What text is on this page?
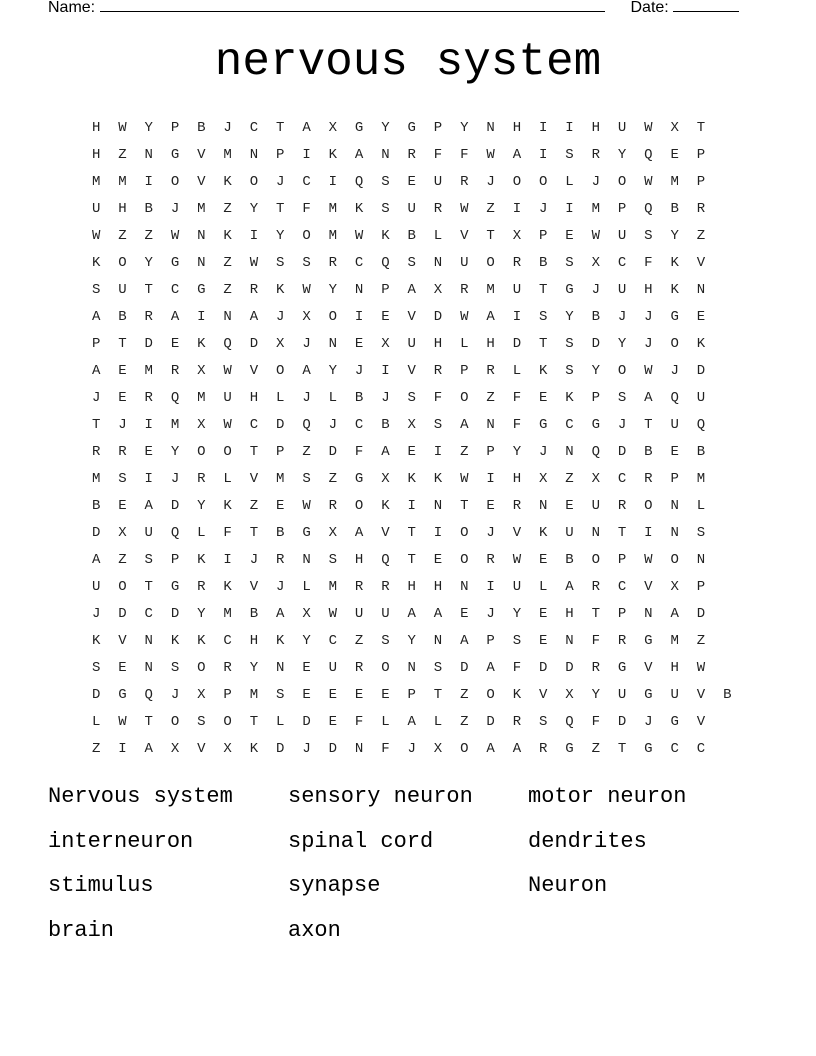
Name:	Date:
nervous system
H	W	Y	P	B	J	C	T	A	X	G	Y	G	P	Y	N	H	I	I	H	U	W	X	T
H	Z	N	G	V	M	N	P	I	K	A	N	R	F	F	W	A	I	S	R	Y	Q	E	P
M	M	I	O	V	K	O	J	C	I	Q	S	E	U	R	J	O	O	L	J	O	W	M	P
U	H	B	J	M	Z	Y	T	F	M	K	S	U	R	W	Z	I	J	I	M	P	Q	B	R
W	Z	Z	W	N	K	I	Y	O	M	W	K	B	L	V	T	X	P	E	W	U	S	Y	Z
K	O	Y	G	N	Z	W	S	S	R	C	Q	S	N	U	O	R	B	S	X	C	F	K	V
S	U	T	C	G	Z	R	K	W	Y	N	P	A	X	R	M	U	T	G	J	U	H	K	N
A	B	R	A	I	N	A	J	X	O	I	E	V	D	W	A	I	S	Y	B	J	J	G	E
P	T	D	E	K	Q	D	X	J	N	E	X	U	H	L	H	D	T	S	D	Y	J	O	K
A	E	M	R	X	W	V	O	A	Y	J	I	V	R	P	R	L	K	S	Y	O	W	J	D
J	E	R	Q	M	U	H	L	J	L	B	J	S	F	O	Z	F	E	K	P	S	A	Q	U
T	J	I	M	X	W	C	D	Q	J	C	B	X	S	A	N	F	G	C	G	J	T	U	Q
R	R	E	Y	O	O	T	P	Z	D	F	A	E	I	Z	P	Y	J	N	Q	D	B	E	B
M	S	I	J	R	L	V	M	S	Z	G	X	K	K	W	I	H	X	Z	X	C	R	P	M
B	E	A	D	Y	K	Z	E	W	R	O	K	I	N	T	E	R	N	E	U	R	O	N	L
D	X	U	Q	L	F	T	B	G	X	A	V	T	I	O	J	V	K	U	N	T	I	N	S
A	Z	S	P	K	I	J	R	N	S	H	Q	T	E	O	R	W	E	B	O	P	W	O	N
U	O	T	G	R	K	V	J	L	M	R	R	H	H	N	I	U	L	A	R	C	V	X	P
J	D	C	D	Y	M	B	A	X	W	U	U	A	A	E	J	Y	E	H	T	P	N	A	D
K	V	N	K	K	C	H	K	Y	C	Z	S	Y	N	A	P	S	E	N	F	R	G	M	Z
S	E	N	S	O	R	Y	N	E	U	R	O	N	S	D	A	F	D	D	R	G	V	H	W
D	G	Q	J	X	P	M	S	E	E	E	E	P	T	Z	O	K	V	X	Y	U	G	U	V	B
L	W	T	O	S	O	T	L	D	E	F	L	A	L	Z	D	R	S	Q	F	D	J	G	V
Z	I	A	X	V	X	K	D	J	D	N	F	J	X	O	A	A	R	G	Z	T	G	C	C
Nervous system	sensory neuron	motor neuron
interneuron	spinal cord	dendrites
stimulus	synapse	Neuron
brain	axon
